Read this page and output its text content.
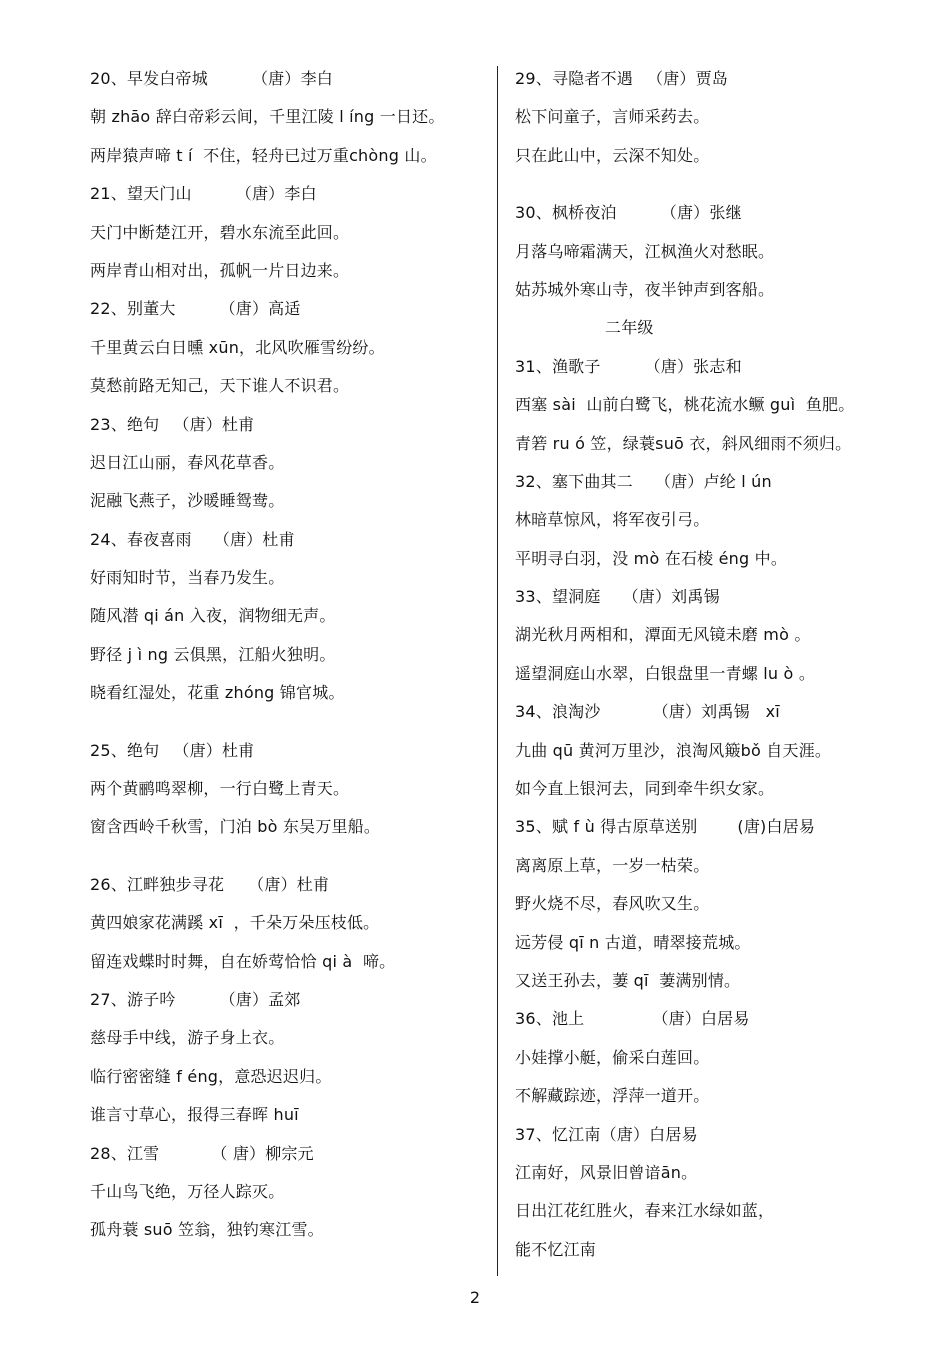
20、早发白帝城	（唐）李白
朝 zhāo 辞白帝彩云间，千里江陵 l íng 一日还。
两岸猿声啼 t í  不住，轻舟已过万重chòng 山。
21、望天门山	（唐）李白
天门中断楚江开，碧水东流至此回。
两岸青山相对出，孤帆一片日边来。
22、别董大	（唐）高适
千里黄云白日曛 xūn，北风吹雁雪纷纷。
莫愁前路无知己，天下谁人不识君。
23、绝句 （唐）杜甫
迟日江山丽，春风花草香。
泥融飞燕子，沙暖睡鸳鸯。
24、春夜喜雨 （唐）杜甫
好雨知时节，当春乃发生。
随风潜 qi án 入夜，润物细无声。
野径 j ì ng 云俱黑，江船火独明。
晓看红湿处，花重 zhóng 锦官城。
25、绝句 （唐）杜甫
两个黄鹂鸣翠柳，一行白鹭上青天。
窗含西岭千秋雪，门泊 bò 东吴万里船。
26、江畔独步寻花 （唐）杜甫
黄四娘家花满蹊 xī  ，千朵万朵压枝低。
留连戏蝶时时舞，自在娇莺恰恰 qi à  啼。
27、游子吟	（唐）孟郊
慈母手中线，游子身上衣。
临行密密缝 f éng，意恐迟迟归。
谁言寸草心，报得三春晖 huī
28、江雪	（ 唐）柳宗元
千山鸟飞绝，万径人踪灭。
孤舟蓑 suō 笠翁，独钓寒江雪。
29、寻隐者不遇 （唐）贾岛
松下问童子，言师采药去。
只在此山中，云深不知处。
30、枫桥夜泊	（唐）张继
月落乌啼霜满天，江枫渔火对愁眠。
姑苏城外寒山寺，夜半钟声到客船。
二年级
31、渔歌子	（唐）张志和
西塞 sài  山前白鹭飞，桃花流水鳜 guì  鱼肥。
青箬 ru ó 笠，绿蓑suō 衣，斜风细雨不须归。
32、塞下曲其二 （唐）卢纶 l ún
林暗草惊风，将军夜引弓。
平明寻白羽，没 mò 在石棱 éng 中。
33、望洞庭 （唐）刘禹锡
湖光秋月两相和，潭面无风镜未磨 mò 。
遥望洞庭山水翠，白银盘里一青螺 lu ò 。
34、浪淘沙	（唐）刘禹锡   xī
九曲 qū 黄河万里沙，浪淘风簸bǒ 自天涯。
如今直上银河去，同到牵牛织女家。
35、赋 f ù 得古原草送别	(唐)白居易
离离原上草，一岁一枯荣。
野火烧不尽，春风吹又生。
远芳侵 qī n 古道，晴翠接荒城。
又送王孙去，萋 qī  萋满别情。
36、池上	（唐）白居易
小娃撑小艇，偷采白莲回。
不解藏踪迹，浮萍一道开。
37、忆江南（唐）白居易
江南好，风景旧曾谙ān。
日出江花红胜火，春来江水绿如蓝，
能不忆江南
2
